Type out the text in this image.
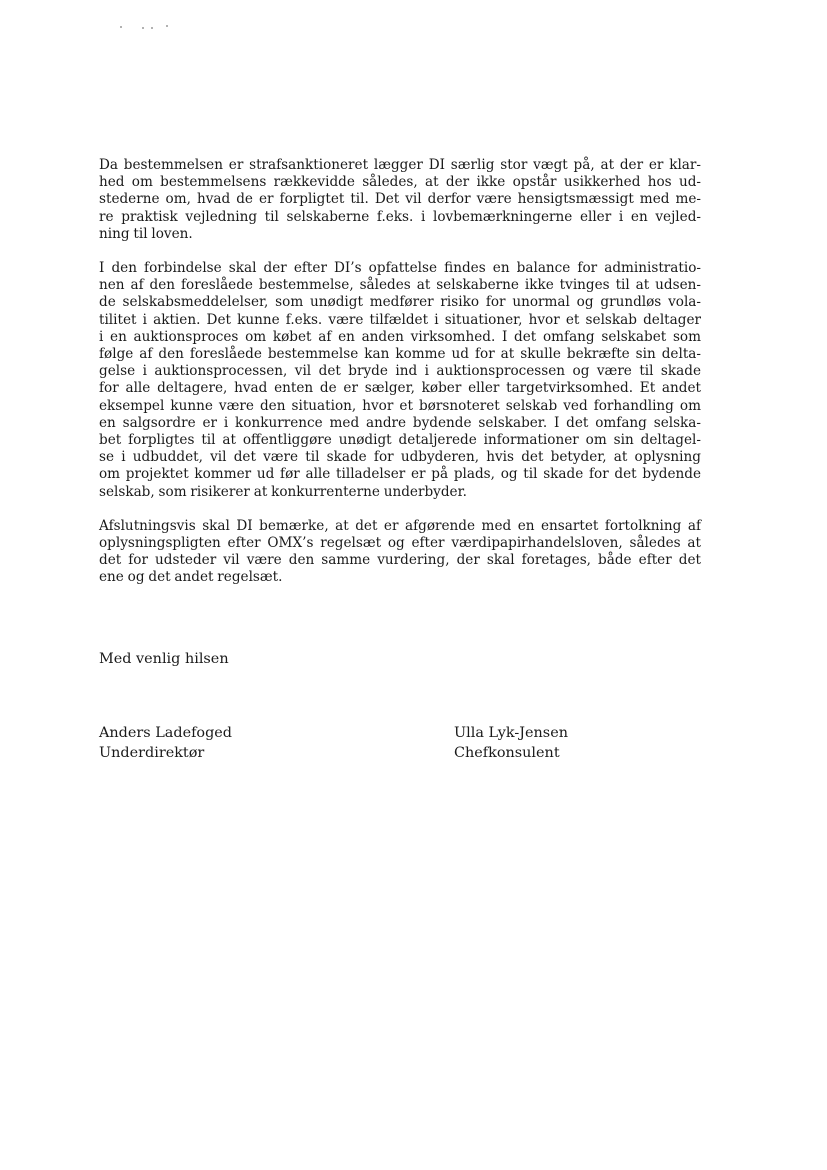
Da bestemmelsen er strafsanktioneret lægger DI særlig stor vægt på, at der er klar-
hed om bestemmelsens rækkevidde således, at der ikke opstår usikkerhed hos ud-
stederne om, hvad de er forpligtet til. Det vil derfor være hensigtsmæssigt med me-
re praktisk vejledning til selskaberne f.eks. i lovbemærkningerne eller i en vejled-
ning til loven.
I den forbindelse skal der efter DI’s opfattelse findes en balance for administratio-
nen af den foreslåede bestemmelse, således at selskaberne ikke tvinges til at udsen-
de selskabsmeddelelser, som unødigt medfører risiko for unormal og grundløs vola-
tilitet i aktien. Det kunne f.eks. være tilfældet i situationer, hvor et selskab deltager
i en auktionsproces om købet af en anden virksomhed. I det omfang selskabet som
følge af den foreslåede bestemmelse kan komme ud for at skulle bekræfte sin delta-
gelse i auktionsprocessen, vil det bryde ind i auktionsprocessen og være til skade
for alle deltagere, hvad enten de er sælger, køber eller targetvirksomhed. Et andet
eksempel kunne være den situation, hvor et børsnoteret selskab ved forhandling om
en salgsordre er i konkurrence med andre bydende selskaber. I det omfang selska-
bet forpligtes til at offentliggøre unødigt detaljerede informationer om sin deltagel-
se i udbuddet, vil det være til skade for udbyderen, hvis det betyder, at oplysning
om projektet kommer ud før alle tilladelser er på plads, og til skade for det bydende
selskab, som risikerer at konkurrenterne underbyder.
Afslutningsvis skal DI bemærke, at det er afgørende med en ensartet fortolkning af
oplysningspligten efter OMX’s regelsæt og efter værdipapirhandelsloven, således at
det for udsteder vil være den samme vurdering, der skal foretages, både efter det
ene og det andet regelsæt.
Med venlig hilsen
Anders Ladefoged
Underdirektør
Ulla Lyk-Jensen
Chefkonsulent
